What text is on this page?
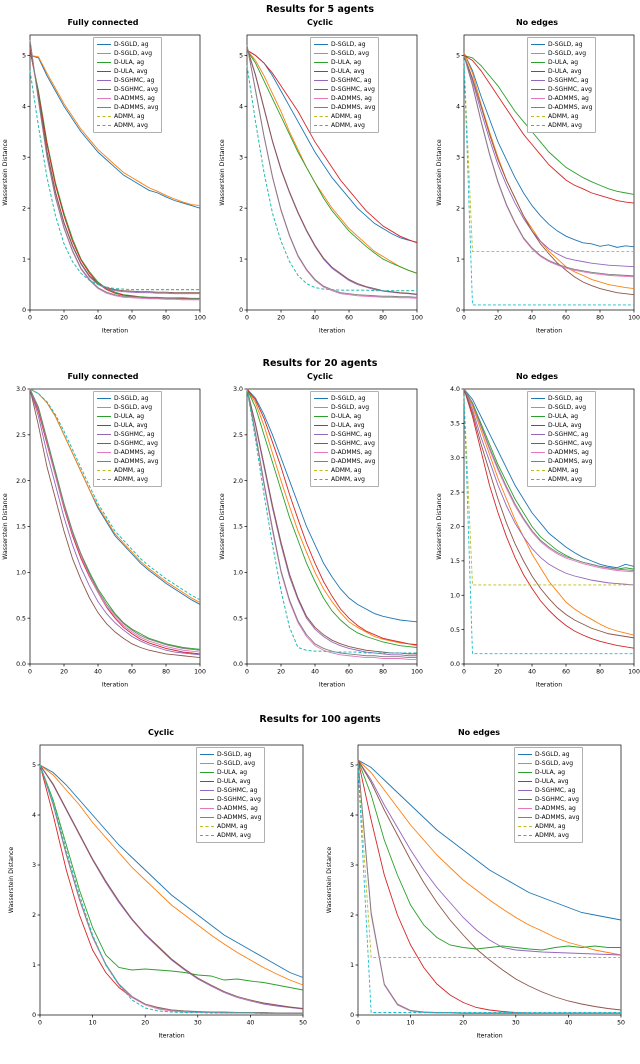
Results for 5 agents
Fully connected
0	20	40	60	80	100
0
1
2
3
4
5
Iteration
Wasserstein Distance
D-SGLD, ag
D-SGLD, avg
D-ULA, ag
D-ULA, avg
D-SGHMC, ag
D-SGHMC, avg
D-ADMMS, ag
D-ADMMS, avg
ADMM, ag
ADMM, avg
Cyclic
0	20	40	60	80	100
0
1
2
3
4
5
Iteration
Wasserstein Distance
D-SGLD, ag
D-SGLD, avg
D-ULA, ag
D-ULA, avg
D-SGHMC, ag
D-SGHMC, avg
D-ADMMS, ag
D-ADMMS, avg
ADMM, ag
ADMM, avg
No edges
0	20	40	60	80	100
0
1
2
3
4
5
Iteration
Wasserstein Distance
D-SGLD, ag
D-SGLD, avg
D-ULA, ag
D-ULA, avg
D-SGHMC, ag
D-SGHMC, avg
D-ADMMS, ag
D-ADMMS, avg
ADMM, ag
ADMM, avg
Results for 20 agents
Fully connected
0	20	40	60	80	100
0.0
0.5
1.0
1.5
2.0
2.5
3.0
Iteration
Wasserstein Distance
D-SGLD, ag
D-SGLD, avg
D-ULA, ag
D-ULA, avg
D-SGHMC, ag
D-SGHMC, avg
D-ADMMS, ag
D-ADMMS, avg
ADMM, ag
ADMM, avg
Cyclic
0	20	40	60	80	100
0.0
0.5
1.0
1.5
2.0
2.5
3.0
Iteration
Wasserstein Distance
D-SGLD, ag
D-SGLD, avg
D-ULA, ag
D-ULA, avg
D-SGHMC, ag
D-SGHMC, avg
D-ADMMS, ag
D-ADMMS, avg
ADMM, ag
ADMM, avg
No edges
0	20	40	60	80	100
0.0
0.5
1.0
1.5
2.0
2.5
3.0
3.5
4.0
Iteration
Wasserstein Distance
D-SGLD, ag
D-SGLD, avg
D-ULA, ag
D-ULA, avg
D-SGHMC, ag
D-SGHMC, avg
D-ADMMS, ag
D-ADMMS, avg
ADMM, ag
ADMM, avg
Results for 100 agents
Cyclic
0	10	20	30	40	50
0
1
2
3
4
5
Iteration
Wasserstein Distance
D-SGLD, ag
D-SGLD, avg
D-ULA, ag
D-ULA, avg
D-SGHMC, ag
D-SGHMC, avg
D-ADMMS, ag
D-ADMMS, avg
ADMM, ag
ADMM, avg
No edges
0	10	20	30	40	50
0
1
2
3
4
5
Iteration
Wasserstein Distance
D-SGLD, ag
D-SGLD, avg
D-ULA, ag
D-ULA, avg
D-SGHMC, ag
D-SGHMC, avg
D-ADMMS, ag
D-ADMMS, avg
ADMM, ag
ADMM, avg
